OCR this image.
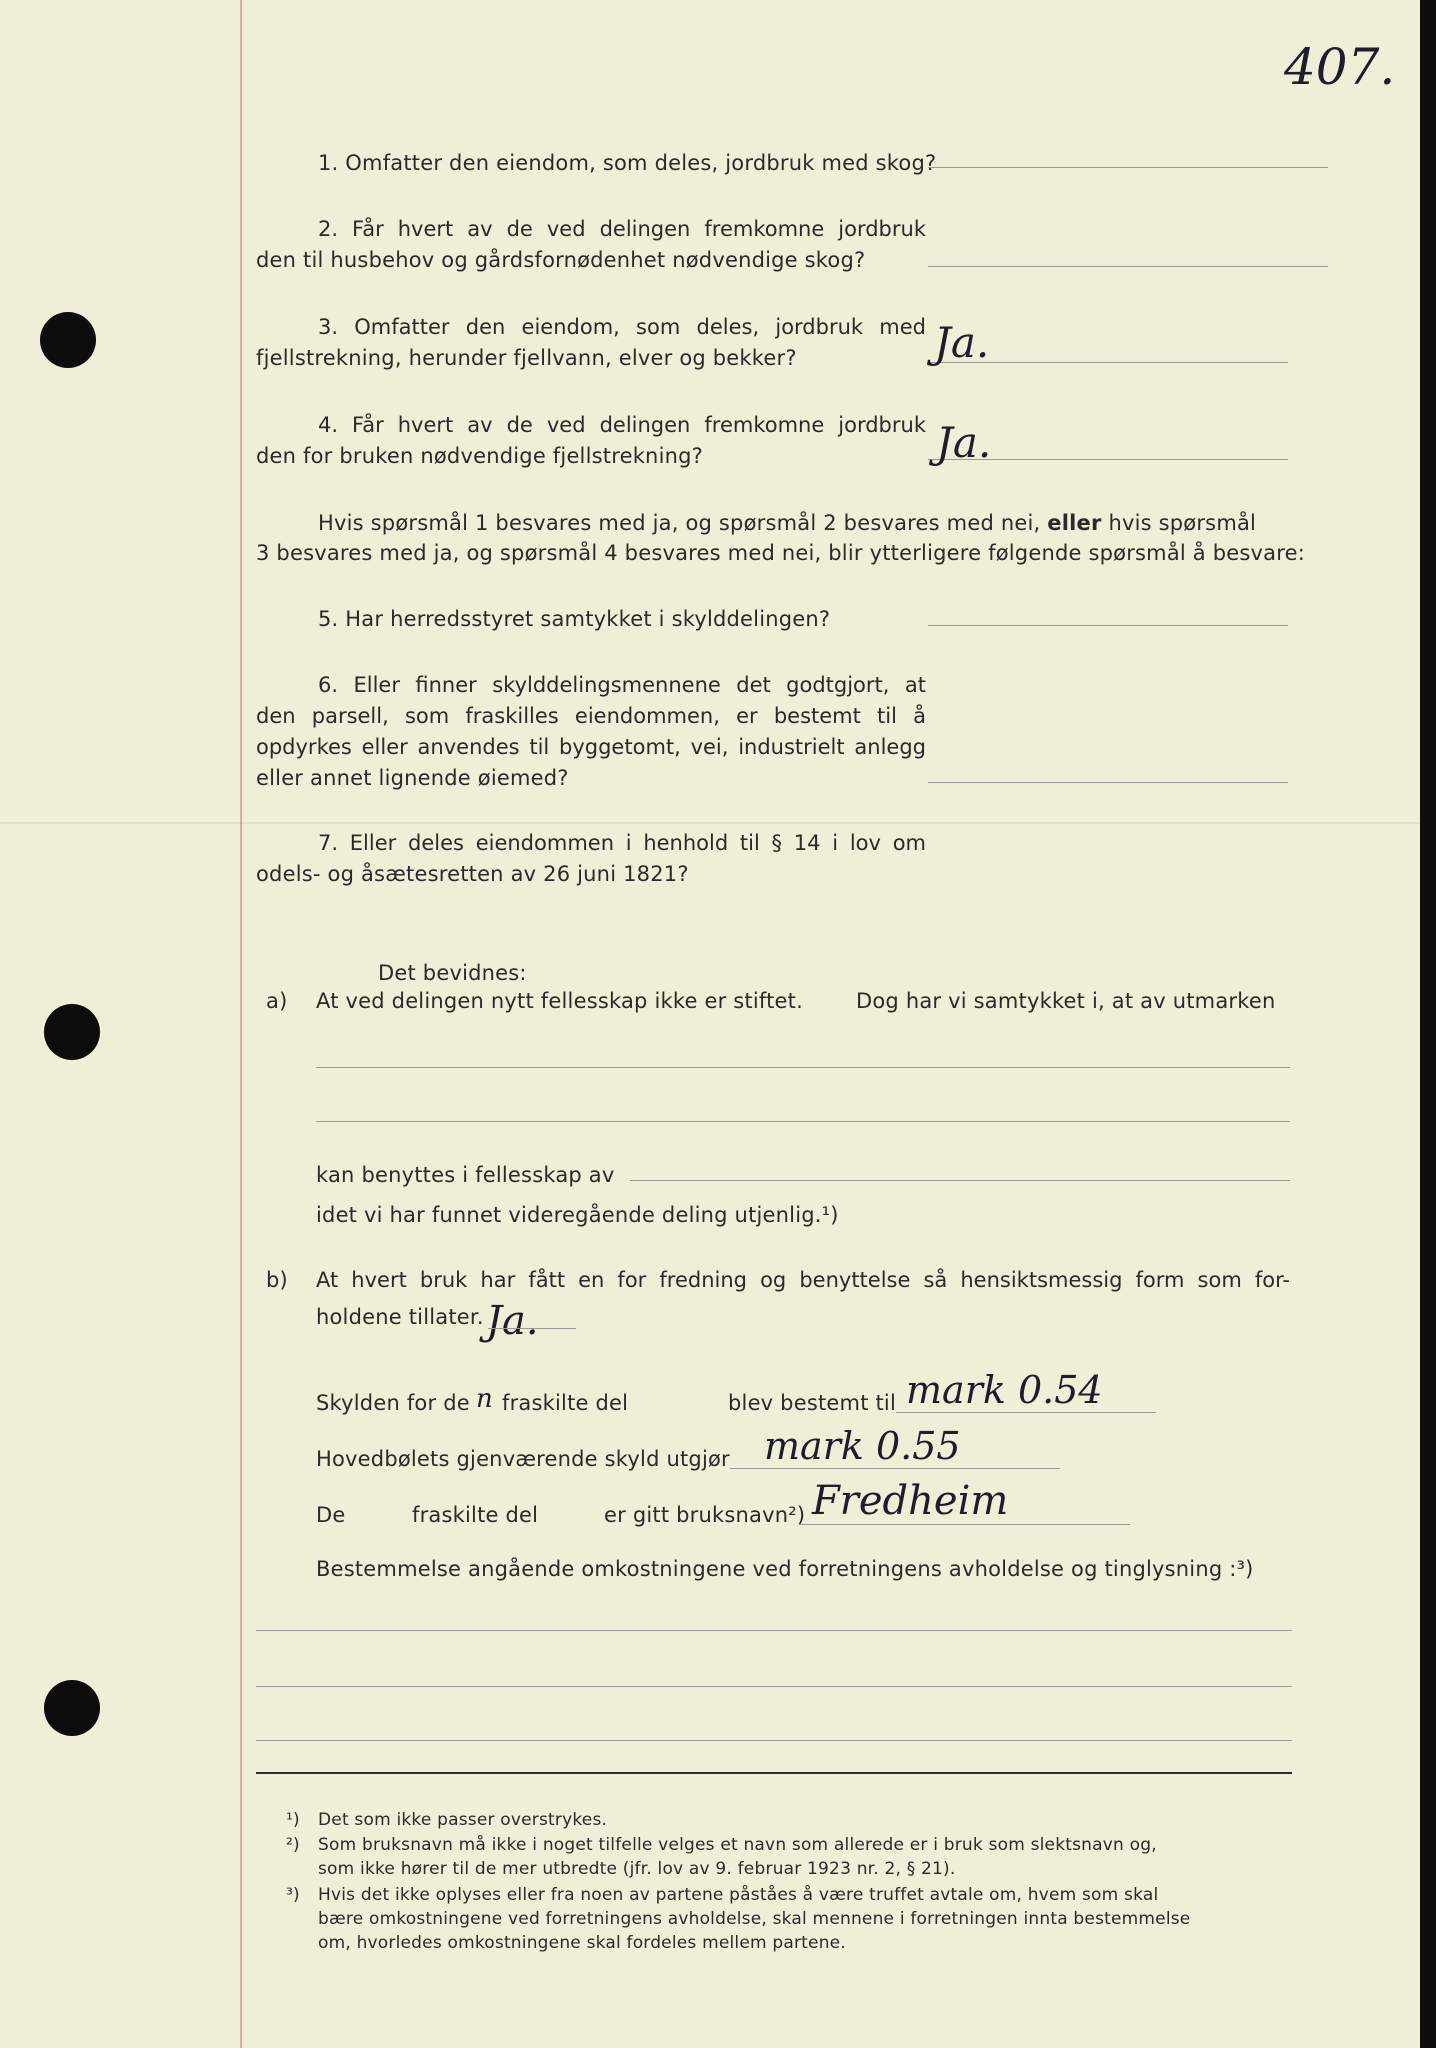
407.
1. Omfatter den eiendom, som deles, jordbruk med skog?
2. Får hvert av de ved delingen fremkomne jordbruk
den til husbehov og gårdsfornødenhet nødvendige skog?
3. Omfatter den eiendom, som deles, jordbruk med
fjellstrekning, herunder fjellvann, elver og bekker?	Ja.
4. Får hvert av de ved delingen fremkomne jordbruk
den for bruken nødvendige fjellstrekning?	Ja.
Hvis spørsmål 1 besvares med ja, og spørsmål 2 besvares med nei, eller hvis spørsmål
3 besvares med ja, og spørsmål 4 besvares med nei, blir ytterligere følgende spørsmål å besvare:
5. Har herredsstyret samtykket i skylddelingen?
6. Eller finner skylddelingsmennene det godtgjort, at
den parsell, som fraskilles eiendommen, er bestemt til å
opdyrkes eller anvendes til byggetomt, vei, industrielt anlegg
eller annet lignende øiemed?
7. Eller deles eiendommen i henhold til § 14 i lov om
odels- og åsætesretten av 26 juni 1821?
Det bevidnes:
a) At ved delingen nytt fellesskap ikke er stiftet.	Dog har vi samtykket i, at av utmarken
kan benyttes i fellesskap av
idet vi har funnet videregående deling utjenlig.¹)
b) At hvert bruk har fått en for fredning og benyttelse så hensiktsmessig form som for-
holdene tillater. Ja.
Skylden for de n fraskilte del	blev bestemt til mark 0.54
Hovedbølets gjenværende skyld utgjør mark 0.55
De	fraskilte del	er gitt bruksnavn²) Fredheim
Bestemmelse angående omkostningene ved forretningens avholdelse og tinglysning :³)
¹) Det som ikke passer overstrykes.
²) Som bruksnavn må ikke i noget tilfelle velges et navn som allerede er i bruk som slektsnavn og,
som ikke hører til de mer utbredte (jfr. lov av 9. februar 1923 nr. 2, § 21).
³) Hvis det ikke oplyses eller fra noen av partene påståes å være truffet avtale om, hvem som skal
bære omkostningene ved forretningens avholdelse, skal mennene i forretningen innta bestemmelse
om, hvorledes omkostningene skal fordeles mellem partene.
